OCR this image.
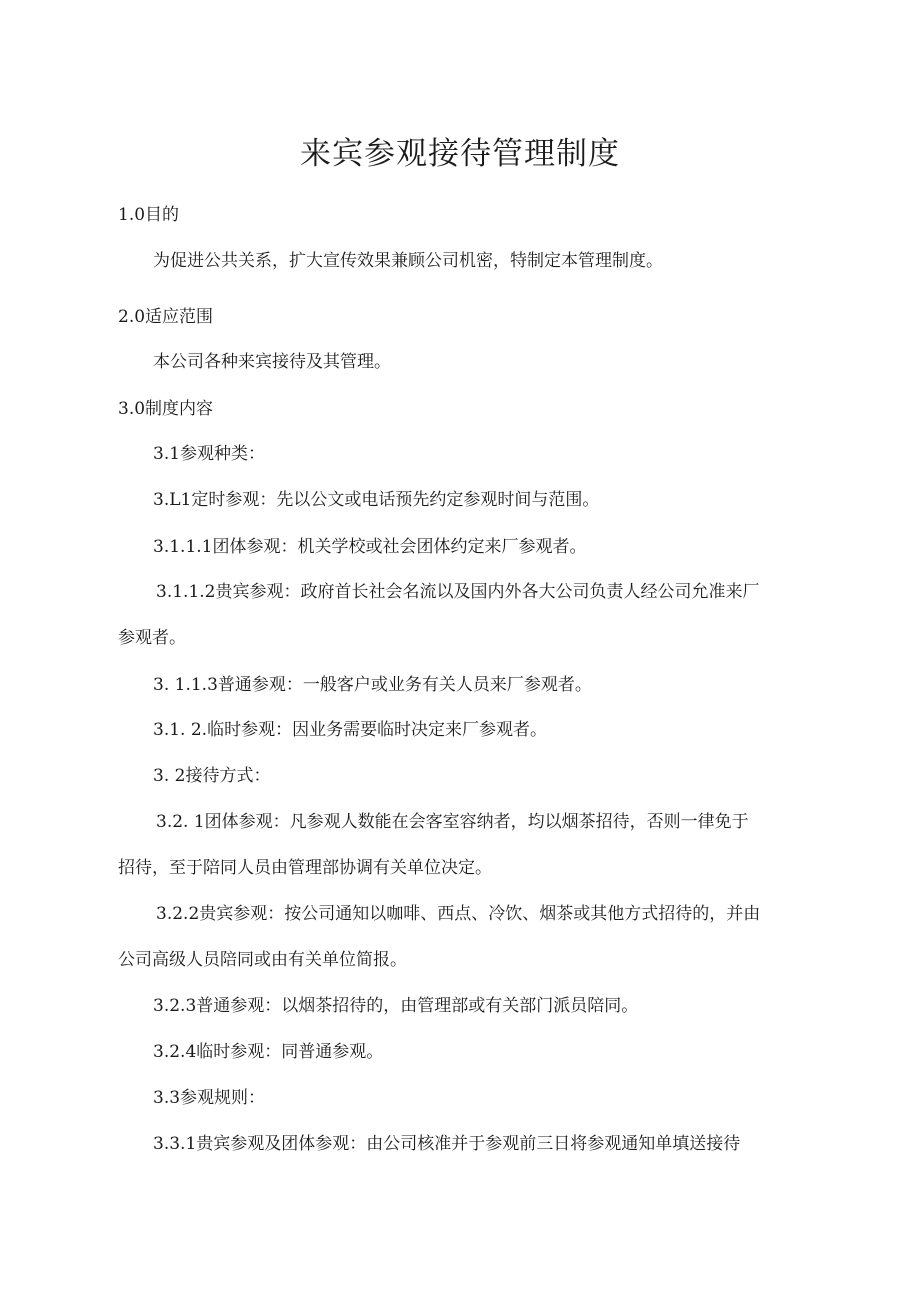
来宾参观接待管理制度
1.0目的
为促进公共关系，扩大宣传效果兼顾公司机密，特制定本管理制度。
2.0适应范围
本公司各种来宾接待及其管理。
3.0制度内容
3.1参观种类：
3.L1定时参观：先以公文或电话预先约定参观时间与范围。
3.1.1.1团体参观：机关学校或社会团体约定来厂参观者。
3.1.1.2贵宾参观：政府首长社会名流以及国内外各大公司负责人经公司允准来厂
参观者。
3. 1.1.3普通参观：一般客户或业务有关人员来厂参观者。
3.1. 2.临时参观：因业务需要临时决定来厂参观者。
3. 2接待方式：
3.2. 1团体参观：凡参观人数能在会客室容纳者，均以烟茶招待，否则一律免于
招待，至于陪同人员由管理部协调有关单位决定。
3.2.2贵宾参观：按公司通知以咖啡、西点、冷饮、烟茶或其他方式招待的，并由
公司高级人员陪同或由有关单位简报。
3.2.3普通参观：以烟茶招待的，由管理部或有关部门派员陪同。
3.2.4临时参观：同普通参观。
3.3参观规则：
3.3.1贵宾参观及团体参观：由公司核准并于参观前三日将参观通知单填送接待
